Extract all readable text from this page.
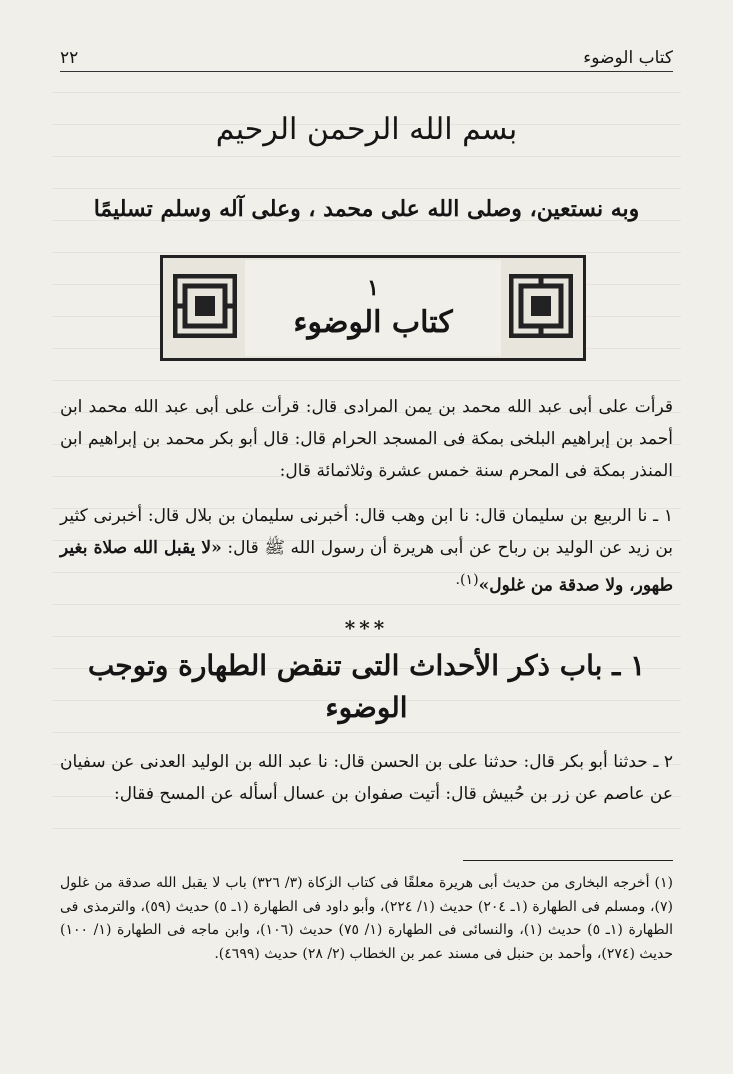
٢٢	كتاب الوضوء
بسم الله الرحمن الرحيم
وبه نستعين، وصلى الله على محمد ، وعلى آله وسلم تسليمًا
١
كتاب الوضوء

قرأت على أبى عبد الله محمد بن يمن المرادى قال: قرأت على أبى عبد الله محمد ابن أحمد بن إبراهيم البلخى بمكة فى المسجد الحرام قال: قال أبو بكر محمد بن إبراهيم ابن المنذر بمكة فى المحرم سنة خمس عشرة وثلاثمائة قال:

١ ـ نا الربيع بن سليمان قال: نا ابن وهب قال: أخبرنى سليمان بن بلال قال: أخبرنى كثير بن زيد عن الوليد بن رباح عن أبى هريرة أن رسول الله ﷺ قال: «لا يقبل الله صلاة بغير طهور، ولا صدقة من غلول»$^{(١).}$

***
١ ـ باب ذكر الأحداث التى تنقض الطهارة وتوجب الوضوء

٢ ـ حدثنا أبو بكر قال: حدثنا على بن الحسن قال: نا عبد الله بن الوليد العدنى عن سفيان عن عاصم عن زر بن حُبيش قال: أتيت صفوان بن عسال أسأله عن المسح فقال:

(١) أخرجه البخارى من حديث أبى هريرة معلقًا فى كتاب الزكاة (٣/ ٣٢٦) باب لا يقبل الله صدقة من غلول (٧)، ومسلم فى الطهارة (١ـ ٢٠٤) حديث (١/ ٢٢٤)، وأبو داود فى الطهارة (١ـ ٥) حديث (٥٩)، والترمذى فى الطهارة (١ـ ٥) حديث (١)، والنسائى فى الطهارة (١/ ٧٥) حديث (١٠٦)، وابن ماجه فى الطهارة (١/ ١٠٠) حديث (٢٧٤)، وأحمد بن حنبل فى مسند عمر بن الخطاب (٢/ ٢٨) حديث (٤٦٩٩).
